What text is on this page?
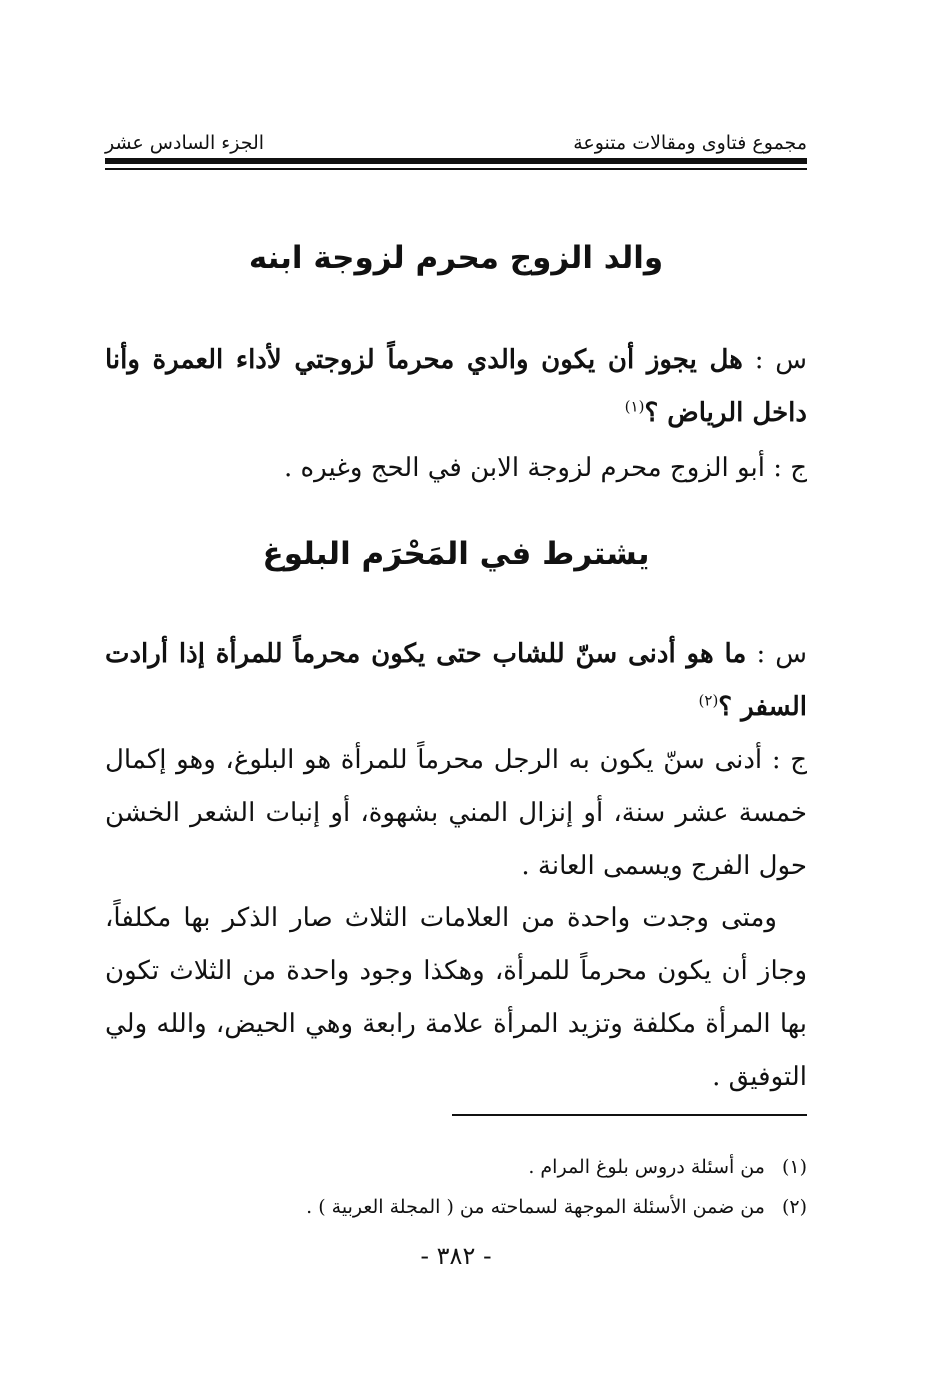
مجموع فتاوى ومقالات متنوعة
الجزء السادس عشر
والد الزوج محرم لزوجة ابنه
س : هل يجوز أن يكون والدي محرماً لزوجتي لأداء العمرة وأنا داخل الرياض ؟$^{(١)}$
ج : أبو الزوج محرم لزوجة الابن في الحج وغيره .
يشترط في المَحْرَم البلوغ
س : ما هو أدنى سنّ للشاب حتى يكون محرماً للمرأة إذا أرادت السفر ؟$^{(٢)}$
ج : أدنى سنّ يكون به الرجل محرماً للمرأة هو البلوغ، وهو إكمال خمسة عشر سنة، أو إنزال المني بشهوة، أو إنبات الشعر الخشن حول الفرج ويسمى العانة .
ومتى وجدت واحدة من العلامات الثلاث صار الذكر بها مكلفاً، وجاز أن يكون محرماً للمرأة، وهكذا وجود واحدة من الثلاث تكون بها المرأة مكلفة وتزيد المرأة علامة رابعة وهي الحيض، والله ولي التوفيق .
(١) من أسئلة دروس بلوغ المرام .
(٢) من ضمن الأسئلة الموجهة لسماحته من ( المجلة العربية ) .
- ٣٨٢ -
